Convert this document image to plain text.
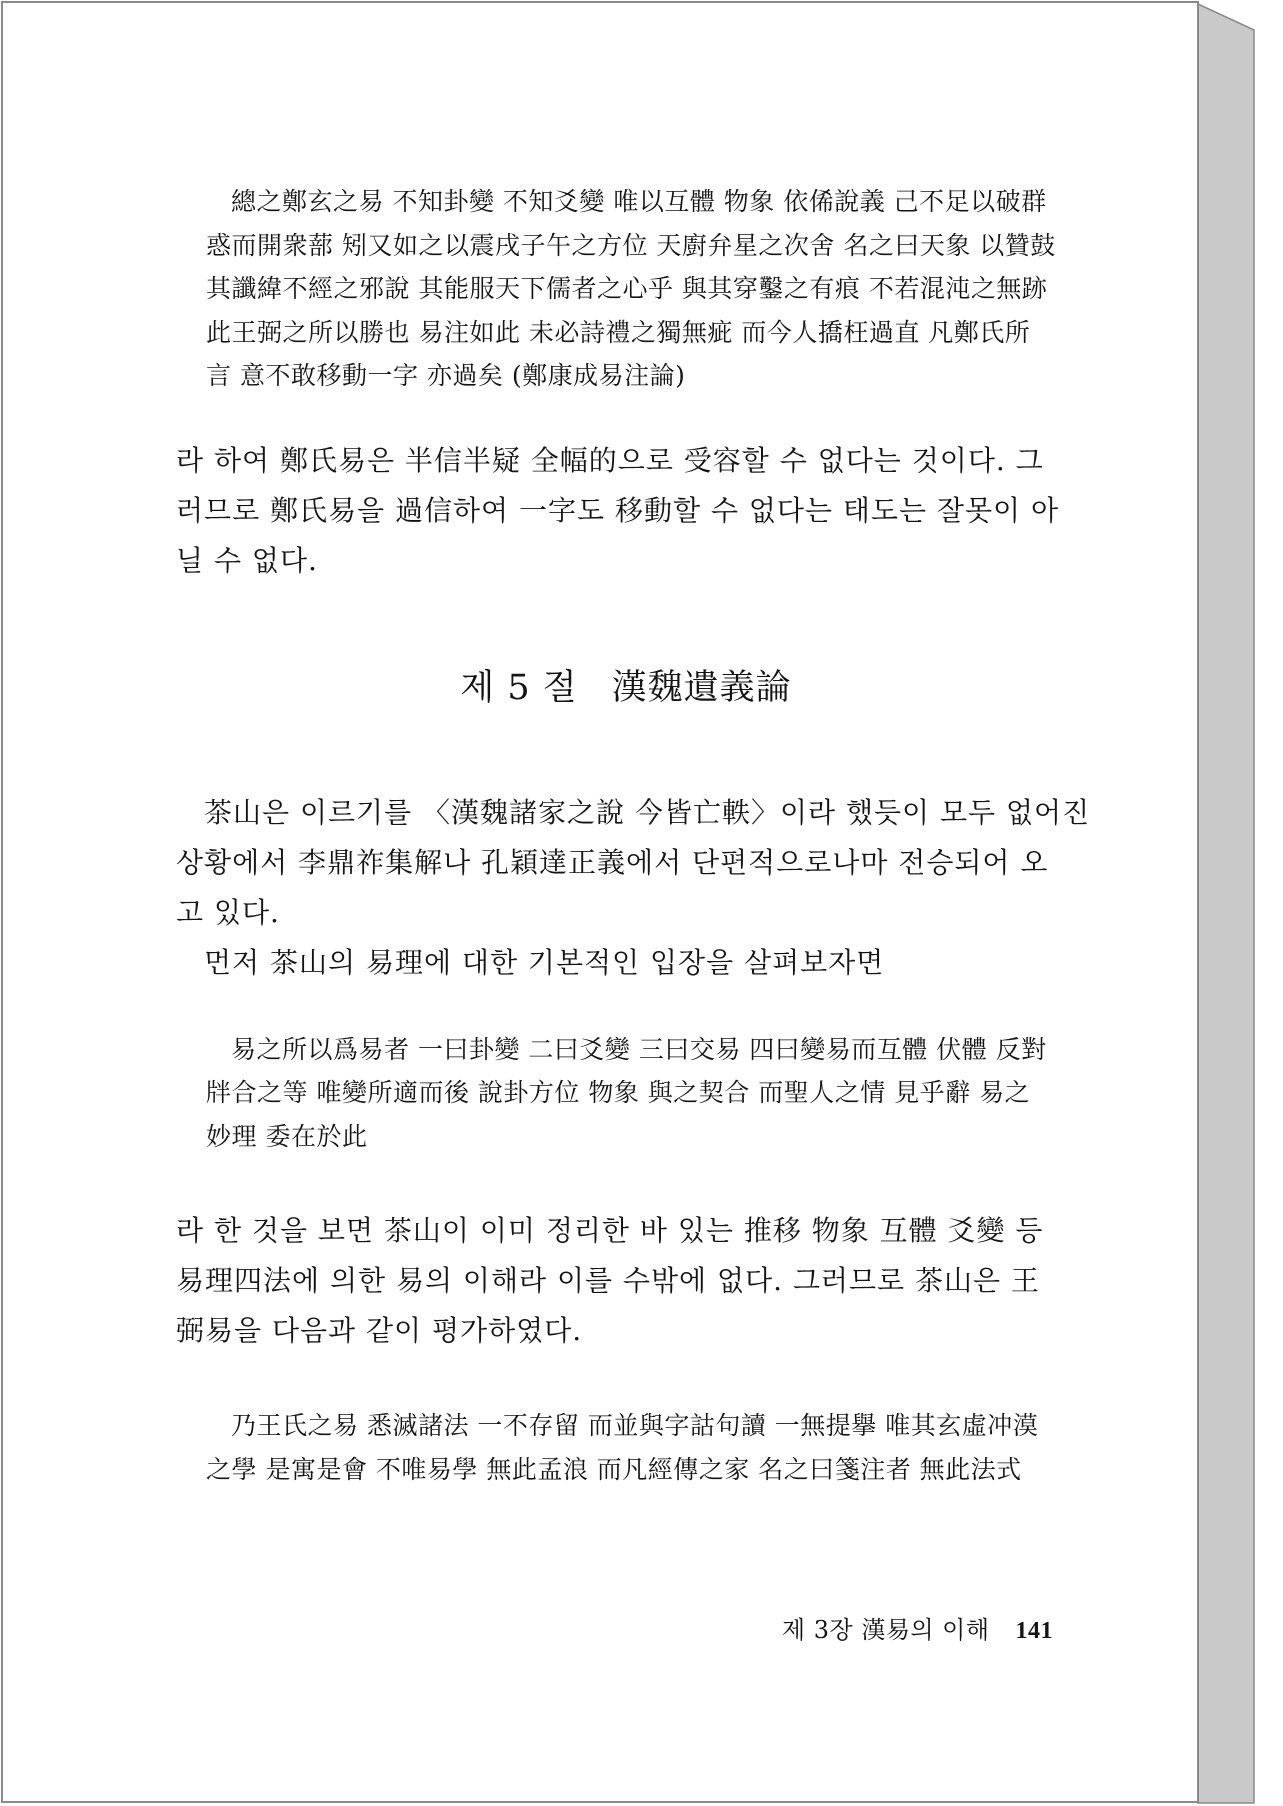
總之鄭玄之易 不知卦變 不知爻變 唯以互體 物象 依俙說義 己不足以破群
惑而開衆蔀 矧又如之以震戌子午之方位 天廚弁星之次舍 名之曰天象 以贊鼓
其讖緯不經之邪說 其能服天下儒者之心乎 與其穿鑿之有痕 不若混沌之無跡
此王弼之所以勝也 易注如此 未必詩禮之獨無疵 而今人撟枉過直 凡鄭氏所
言 意不敢移動一字 亦過矣 (鄭康成易注論)
라 하여 鄭氏易은 半信半疑 全幅的으로 受容할 수 없다는 것이다. 그
러므로 鄭氏易을 過信하여 一字도 移動할 수 없다는 태도는 잘못이 아
닐 수 없다.
제 5 절 漢魏遺義論
茶山은 이르기를 〈漢魏諸家之說 今皆亡軼〉이라 했듯이 모두 없어진
상황에서 李鼎祚集解나 孔穎達正義에서 단편적으로나마 전승되어 오
고 있다.
먼저 茶山의 易理에 대한 기본적인 입장을 살펴보자면
易之所以爲易者 一曰卦變 二曰爻變 三曰交易 四曰變易而互體 伏體 反對
牉合之等 唯變所適而後 說卦方位 物象 與之契合 而聖人之情 見乎辭 易之
妙理 委在於此
라 한 것을 보면 茶山이 이미 정리한 바 있는 推移 物象 互體 爻變 등
易理四法에 의한 易의 이해라 이를 수밖에 없다. 그러므로 茶山은 王
弼易을 다음과 같이 평가하였다.
乃王氏之易 悉滅諸法 一不存留 而並與字詁句讀 一無提擧 唯其玄虛冲漠
之學 是寓是會 不唯易學 無此孟浪 而凡經傳之家 名之曰箋注者 無此法式
제 3장 漢易의 이해 141
